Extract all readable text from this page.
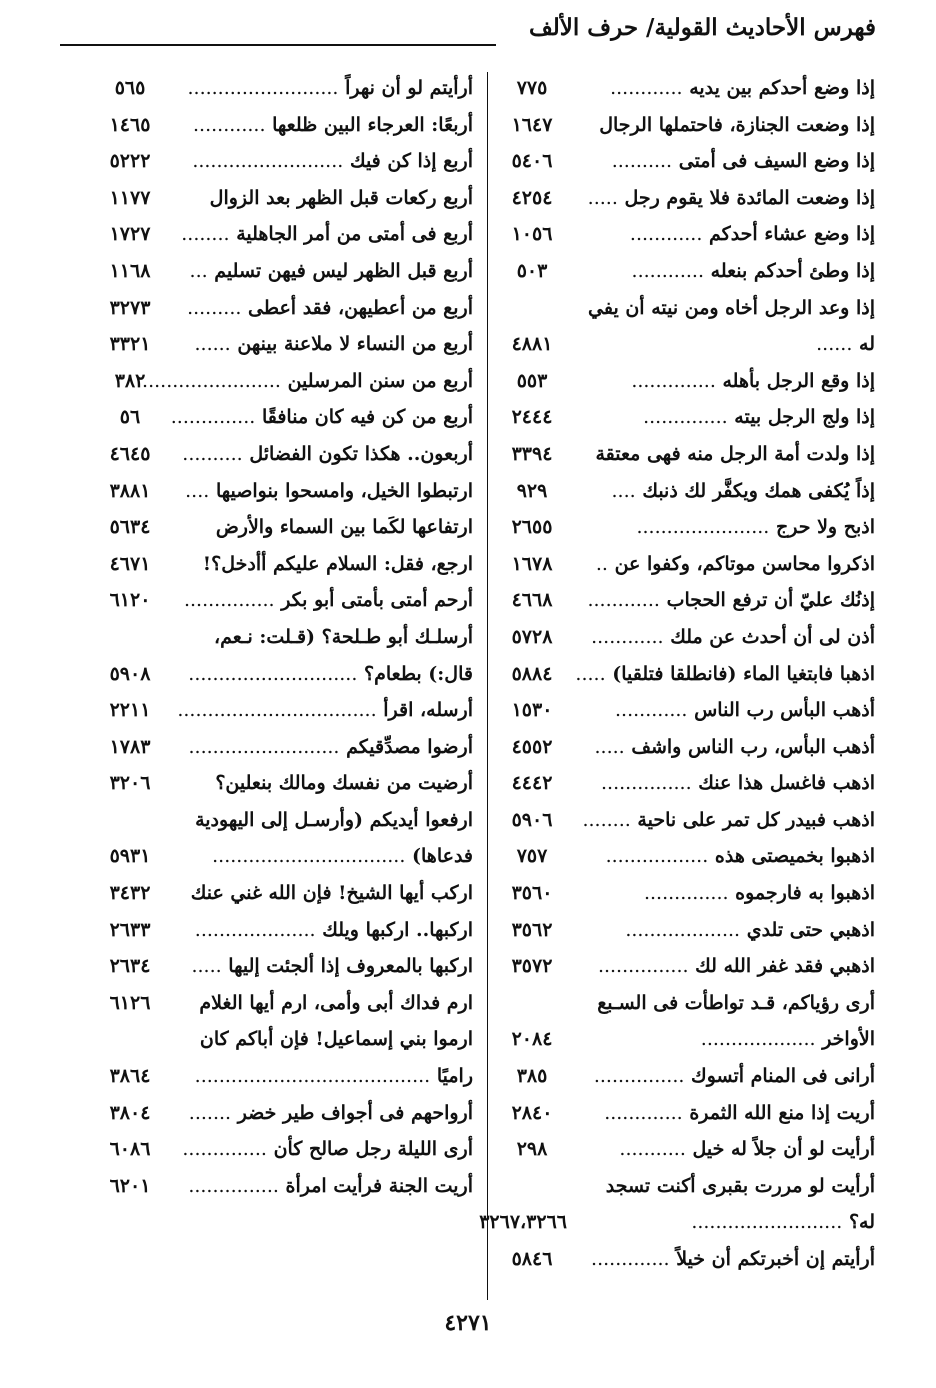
فهرس الأحاديث القولية/ حرف الألف
إذا وضع أحدكم بين يديه ............
٧٧٥
إذا وضعت الجنازة، فاحتملها الرجال
١٦٤٧
إذا وضع السيف فى أمتى ..........
٥٤٠٦
إذا وضعت المائدة فلا يقوم رجل .....
٤٢٥٤
إذا وضع عشاء أحدكم ............
١٠٥٦
إذا وطئ أحدكم بنعله ............
٥٠٣
إذا وعد الرجل أخاه ومن نيته أن يفي
له ......
٤٨٨١
إذا وقع الرجل بأهله ..............
٥٥٣
إذا ولج الرجل بيته ..............
٢٤٤٤
إذا ولدت أمة الرجل منه فهى معتقة
٣٣٩٤
إذاً يُكفى همك ويكفَّر لك ذنبك ....
٩٢٩
اذبح ولا حرج ......................
٢٦٥٥
اذكروا محاسن موتاكم، وكفوا عن ..
١٦٧٨
إذنُك عليّ أن ترفع الحجاب ............
٤٦٦٨
أذن لى أن أحدث عن ملك ............
٥٧٢٨
اذهبا فابتغيا الماء (فانطلقا فتلقيا) .....
٥٨٨٤
أذهب البأس رب الناس ............
١٥٣٠
أذهب البأس، رب الناس واشف .....
٤٥٥٢
اذهب فاغسل هذا عنك ...............
٤٤٤٢
اذهب فبيدر كل تمر على ناحية ........
٥٩٠٦
اذهبوا بخميصتى هذه .................
٧٥٧
اذهبوا به فارجموه ..............
٣٥٦٠
اذهبي حتى تلدي ...................
٣٥٦٢
اذهبي فقد غفر الله لك ...............
٣٥٧٢
أرى رؤياكم، قـد تواطأت فى السـبع
الأواخر ...................
٢٠٨٤
أرانى فى المنام أتسوك ...............
٣٨٥
أريت إذا منع الله الثمرة .............
٢٨٤٠
أرأيت لو أن جلاً له خيل ...........
٢٩٨
أرأيت لو مررت بقبرى أكنت تسجد
له؟ .........................
٣٢٦٧،٣٢٦٦
أرأيتم إن أخبرتكم أن خيلاً .............
٥٨٤٦
أرأيتم لو أن نهراً .........................
٥٦٥
أربعًا: العرجاء البين ظلعها ............
١٤٦٥
أربع إذا كن فيك .........................
٥٢٢٢
أربع ركعات قبل الظهر بعد الزوال
١١٧٧
أربع فى أمتى من أمر الجاهلية ........
١٧٢٧
أربع قبل الظهر ليس فيهن تسليم ...
١١٦٨
أربع من أعطيهن، فقد أعطى .........
٣٢٧٣
أربع من النساء لا ملاعنة بينهن ......
٣٣٢١
أربع من سنن المرسلين .......................
٣٨٢
أربع من كن فيه كان منافقًا ..............
٥٦
أربعون.. هكذا تكون الفضائل ..........
٤٦٤٥
ارتبطوا الخيل، وامسحوا بنواصيها ....
٣٨٨١
ارتفاعها لكَما بين السماء والأرض
٥٦٣٤
ارجع، فقل: السلام عليكم أأدخل؟!
٤٦٧١
أرحم أمتى بأمتى أبو بكر ...............
٦١٢٠
أرسلـك أبو طـلحة؟ (قـلت: نـعم،
قال:) بطعام؟ ............................
٥٩٠٨
أرسله، اقرأ .................................
٢٢١١
أرضوا مصدِّقيكم .........................
١٧٨٣
أرضيت من نفسك ومالك بنعلين؟
٣٢٠٦
ارفعوا أيديكم (وأرسـل إلى اليهودية
فدعاها) ................................
٥٩٣١
اركب أيها الشيخ! فإن الله غني عنك
٣٤٣٢
اركبها.. اركبها ويلك ....................
٢٦٣٣
اركبها بالمعروف إذا ألجئت إليها .....
٢٦٣٤
ارم فداك أبى وأمى، ارم أيها الغلام
٦١٢٦
ارموا بني إسماعيل! فإن أباكم كان
راميًا .......................................
٣٨٦٤
أرواحهم فى أجواف طير خضر .......
٣٨٠٤
أرى الليلة رجل صالح كأن ..............
٦٠٨٦
أريت الجنة فرأيت امرأة ...............
٦٢٠١
٤٢٧١
